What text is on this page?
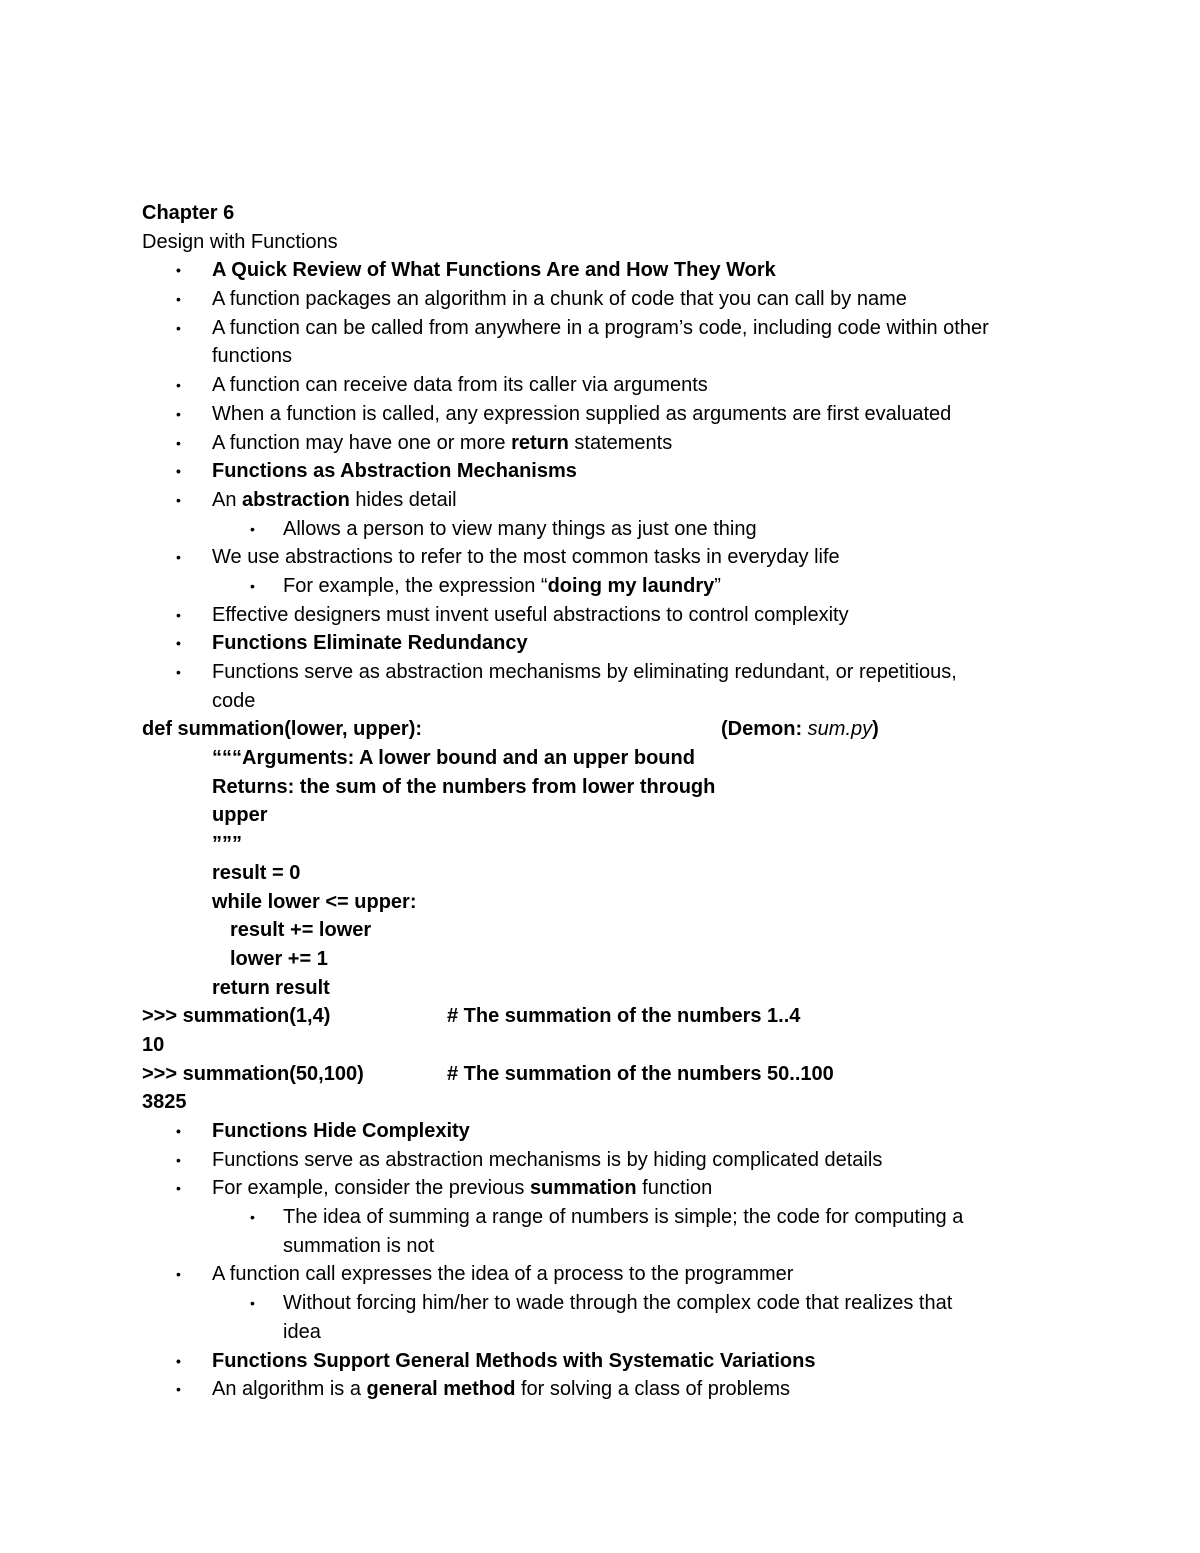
Chapter 6
Design with Functions
• A Quick Review of What Functions Are and How They Work
• A function packages an algorithm in a chunk of code that you can call by name
• A function can be called from anywhere in a program’s code, including code within other
functions
• A function can receive data from its caller via arguments
• When a function is called, any expression supplied as arguments are first evaluated
• A function may have one or more return statements
• Functions as Abstraction Mechanisms
• An abstraction hides detail
• Allows a person to view many things as just one thing
• We use abstractions to refer to the most common tasks in everyday life
• For example, the expression “doing my laundry”
• Effective designers must invent useful abstractions to control complexity
• Functions Eliminate Redundancy
• Functions serve as abstraction mechanisms by eliminating redundant, or repetitious,
code
def summation(lower, upper):	(Demon: sum.py)
“““Arguments: A lower bound and an upper bound
Returns: the sum of the numbers from lower through
upper
”””
result = 0
while lower <= upper:
result += lower
lower += 1
return result
>>> summation(1,4)	# The summation of the numbers 1..4
10
>>> summation(50,100)	# The summation of the numbers 50..100
3825
• Functions Hide Complexity
• Functions serve as abstraction mechanisms is by hiding complicated details
• For example, consider the previous summation function
• The idea of summing a range of numbers is simple; the code for computing a
summation is not
• A function call expresses the idea of a process to the programmer
• Without forcing him/her to wade through the complex code that realizes that
idea
• Functions Support General Methods with Systematic Variations
• An algorithm is a general method for solving a class of problems
